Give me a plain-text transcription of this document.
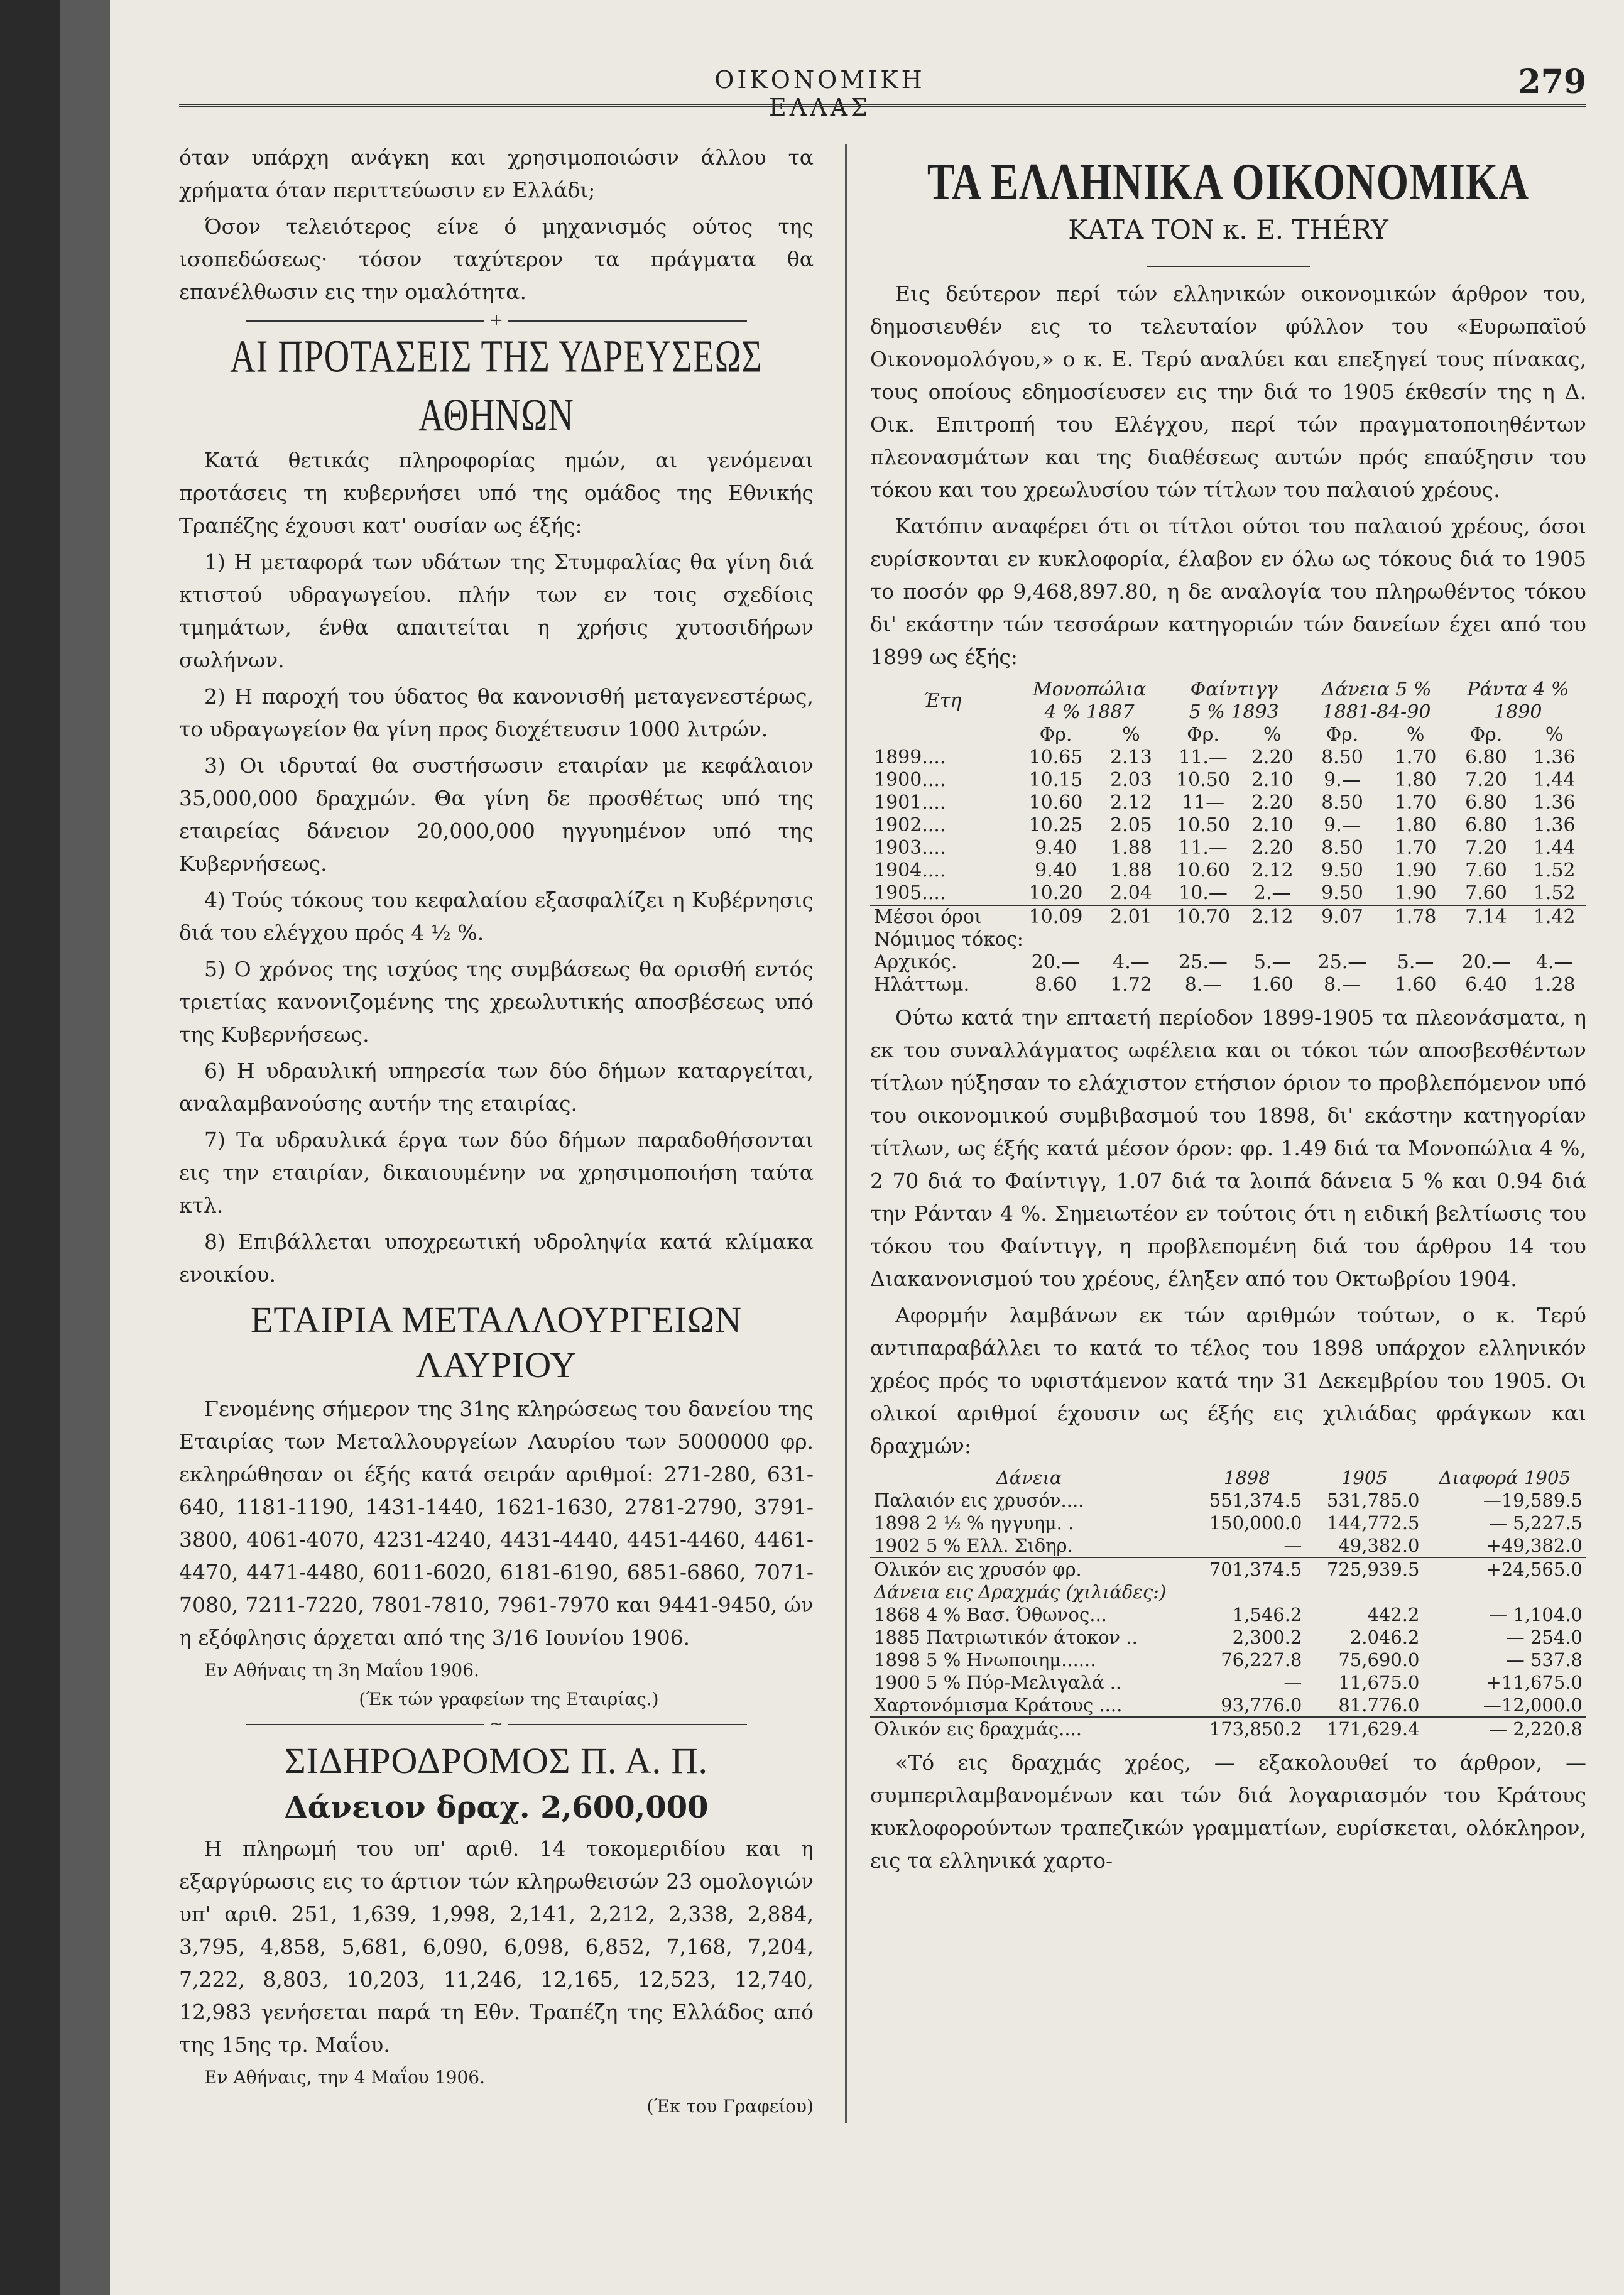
ΟΙΚΟΝΟΜΙΚΗ ΕΛΛΑΣ
279

όταν υπάρχη ανάγκη και χρησιμοποιώσιν άλλου τα χρήματα όταν περιττεύωσιν εν Ελλάδι;

Όσον τελειότερος είνε ό μηχανισμός ούτος της ισοπεδώσεως· τόσον ταχύτερον τα πράγματα θα επανέλθωσιν εις την ομαλότητα.

+
ΑΙ ΠΡΟΤΑΣΕΙΣ ΤΗΣ ΥΔΡΕΥΣΕΩΣ ΑΘΗΝΩΝ

Κατά θετικάς πληροφορίας ημών, αι γενόμεναι προτάσεις τη κυβερνήσει υπό της ομάδος της Εθνικής Τραπέζης έχουσι κατ' ουσίαν ως έξής:

1) Η μεταφορά των υδάτων της Στυμφαλίας θα γίνη διά κτιστού υδραγωγείου. πλήν των εν τοις σχεδίοις τμημάτων, ένθα απαιτείται η χρήσις χυτοσιδήρων σωλήνων.

2) Η παροχή του ύδατος θα κανονισθή μεταγενεστέρως, το υδραγωγείον θα γίνη προς διοχέτευσιν 1000 λιτρών.

3) Οι ιδρυταί θα συστήσωσιν εταιρίαν με κεφάλαιον 35,000,000 δραχμών. Θα γίνη δε προσθέτως υπό της εταιρείας δάνειον 20,000,000 ηγγυημένον υπό της Κυβερνήσεως.

4) Τούς τόκους του κεφαλαίου εξασφαλίζει η Κυβέρνησις διά του ελέγχου πρός 4 ½ %.

5) Ο χρόνος της ισχύος της συμβάσεως θα ορισθή εντός τριετίας κανονιζομένης της χρεωλυτικής αποσβέσεως υπό της Κυβερνήσεως.

6) Η υδραυλική υπηρεσία των δύο δήμων καταργείται, αναλαμβανούσης αυτήν της εταιρίας.

7) Τα υδραυλικά έργα των δύο δήμων παραδοθήσονται εις την εταιρίαν, δικαιουμένην να χρησιμοποιήση ταύτα κτλ.

8) Επιβάλλεται υποχρεωτική υδροληψία κατά κλίμακα ενοικίου.

ΕΤΑΙΡΙΑ ΜΕΤΑΛΛΟΥΡΓΕΙΩΝ ΛΑΥΡΙΟΥ

Γενομένης σήμερον της 31ης κληρώσεως του δανείου της Εταιρίας των Μεταλλουργείων Λαυρίου των 5000000 φρ. εκληρώθησαν οι έξής κατά σειράν αριθμοί: 271-280, 631-640, 1181-1190, 1431-1440, 1621-1630, 2781-2790, 3791-3800, 4061-4070, 4231-4240, 4431-4440, 4451-4460, 4461-4470, 4471-4480, 6011-6020, 6181-6190, 6851-6860, 7071-7080, 7211-7220, 7801-7810, 7961-7970 και 9441-9450, ών η εξόφλησις άρχεται από της 3/16 Ιουνίου 1906.

Εν Αθήναις τη 3η Μαΐου 1906.

(Έκ τών γραφείων της Εταιρίας.)

~
ΣΙΔΗΡΟΔΡΟΜΟΣ Π. Α. Π.
Δάνειον δραχ. 2,600,000

Η πληρωμή του υπ' αριθ. 14 τοκομεριδίου και η εξαργύρωσις εις το άρτιον τών κληρωθεισών 23 ομολογιών υπ' αριθ. 251, 1,639, 1,998, 2,141, 2,212, 2,338, 2,884, 3,795, 4,858, 5,681, 6,090, 6,098, 6,852, 7,168, 7,204, 7,222, 8,803, 10,203, 11,246, 12,165, 12,523, 12,740, 12,983 γενήσεται παρά τη Εθν. Τραπέζη της Ελλάδος από της 15ης τρ. Μαΐου.

Εν Αθήναις, την 4 Μαΐου 1906.

(Έκ του Γραφείου)

ΤΑ ΕΛΛΗΝΙΚΑ ΟΙΚΟΝΟΜΙΚΑ
ΚΑΤΑ ΤΟΝ κ. Ε. THÉRY

Εις δεύτερον περί τών ελληνικών οικονομικών άρθρον του, δημοσιευθέν εις το τελευταίον φύλλον του «Ευρωπαϊού Οικονομολόγου,» ο κ. Ε. Τερύ αναλύει και επεξηγεί τους πίνακας, τους οποίους εδημοσίευσεν εις την διά το 1905 έκθεσίν της η Δ. Οικ. Επιτροπή του Ελέγχου, περί τών πραγματοποιηθέντων πλεονασμάτων και της διαθέσεως αυτών πρός επαύξησιν του τόκου και του χρεωλυσίου τών τίτλων του παλαιού χρέους.

Κατόπιν αναφέρει ότι οι τίτλοι ούτοι του παλαιού χρέους, όσοι ευρίσκονται εν κυκλοφορία, έλαβον εν όλω ως τόκους διά το 1905 το ποσόν φρ 9,468,897.80, η δε αναλογία του πληρωθέντος τόκου δι' εκάστην τών τεσσάρων κατηγοριών τών δανείων έχει από του 1899 ως έξής:

Έτη	Μονοπώλια		Φαίντιγγ		Δάνεια 5 %		Ράντα 4 %	
	4 % 1887		5 % 1893		1881-84-90		1890	
	Φρ.	%	Φρ.	%	Φρ.	%	Φρ.	%
1899....	10.65	2.13	11.—	2.20	8.50	1.70	6.80	1.36
1900....	10.15	2.03	10.50	2.10	9.—	1.80	7.20	1.44
1901....	10.60	2.12	11—	2.20	8.50	1.70	6.80	1.36
1902....	10.25	2.05	10.50	2.10	9.—	1.80	6.80	1.36
1903....	9.40	1.88	11.—	2.20	8.50	1.70	7.20	1.44
1904....	9.40	1.88	10.60	2.12	9.50	1.90	7.60	1.52
1905....	10.20	2.04	10.—	2.—	9.50	1.90	7.60	1.52
Μέσοι όροι	10.09	2.01	10.70	2.12	9.07	1.78	7.14	1.42
Νόμιμος τόκος:								
Αρχικός.	20.—	4.—	25.—	5.—	25.—	5.—	20.—	4.—
Ηλάττωμ.	8.60	1.72	8.—	1.60	8.—	1.60	6.40	1.28

Ούτω κατά την επταετή περίοδον 1899-1905 τα πλεονάσματα, η εκ του συναλλάγματος ωφέλεια και οι τόκοι τών αποσβεσθέντων τίτλων ηύξησαν το ελάχιστον ετήσιον όριον το προβλεπόμενον υπό του οικονομικού συμβιβασμού του 1898, δι' εκάστην κατηγορίαν τίτλων, ως έξής κατά μέσον όρον: φρ. 1.49 διά τα Μονοπώλια 4 %, 2 70 διά το Φαίντιγγ, 1.07 διά τα λοιπά δάνεια 5 % και 0.94 διά την Ράνταν 4 %. Σημειωτέον εν τούτοις ότι η ειδική βελτίωσις του τόκου του Φαίντιγγ, η προβλεπομένη διά του άρθρου 14 του Διακανονισμού του χρέους, έληξεν από του Οκτωβρίου 1904.

Αφορμήν λαμβάνων εκ τών αριθμών τούτων, ο κ. Τερύ αντιπαραβάλλει το κατά το τέλος του 1898 υπάρχον ελληνικόν χρέος πρός το υφιστάμενον κατά την 31 Δεκεμβρίου του 1905. Οι ολικοί αριθμοί έχουσιν ως έξής εις χιλιάδας φράγκων και δραχμών:

Δάνεια	1898	1905	Διαφορά 1905
Παλαιόν εις χρυσόν....	551,374.5	531,785.0	—19,589.5
1898 2 ½ % ηγγυημ. .	150,000.0	144,772.5	— 5,227.5
1902 5 % Ελλ. Σιδηρ.	—	49,382.0	+49,382.0
Ολικόν εις χρυσόν φρ.	701,374.5	725,939.5	+24,565.0
Δάνεια εις Δραχμάς (χιλιάδες:)			
1868 4 % Βασ. Όθωνος...	1,546.2	442.2	— 1,104.0
1885 Πατριωτικόν άτοκον ..	2,300.2	2.046.2	— 254.0
1898 5 % Ηνωποιημ......	76,227.8	75,690.0	— 537.8
1900 5 % Πύρ-Μελιγαλά ..	—	11,675.0	+11,675.0
Χαρτονόμισμα Κράτους ....	93,776.0	81.776.0	—12,000.0
Ολικόν εις δραχμάς....	173,850.2	171,629.4	— 2,220.8

«Τό εις δραχμάς χρέος, — εξακολουθεί το άρθρον, — συμπεριλαμβανομένων και τών διά λογαριασμόν του Κράτους κυκλοφορούντων τραπεζικών γραμματίων, ευρίσκεται, ολόκληρον, εις τα ελληνικά χαρτο-
